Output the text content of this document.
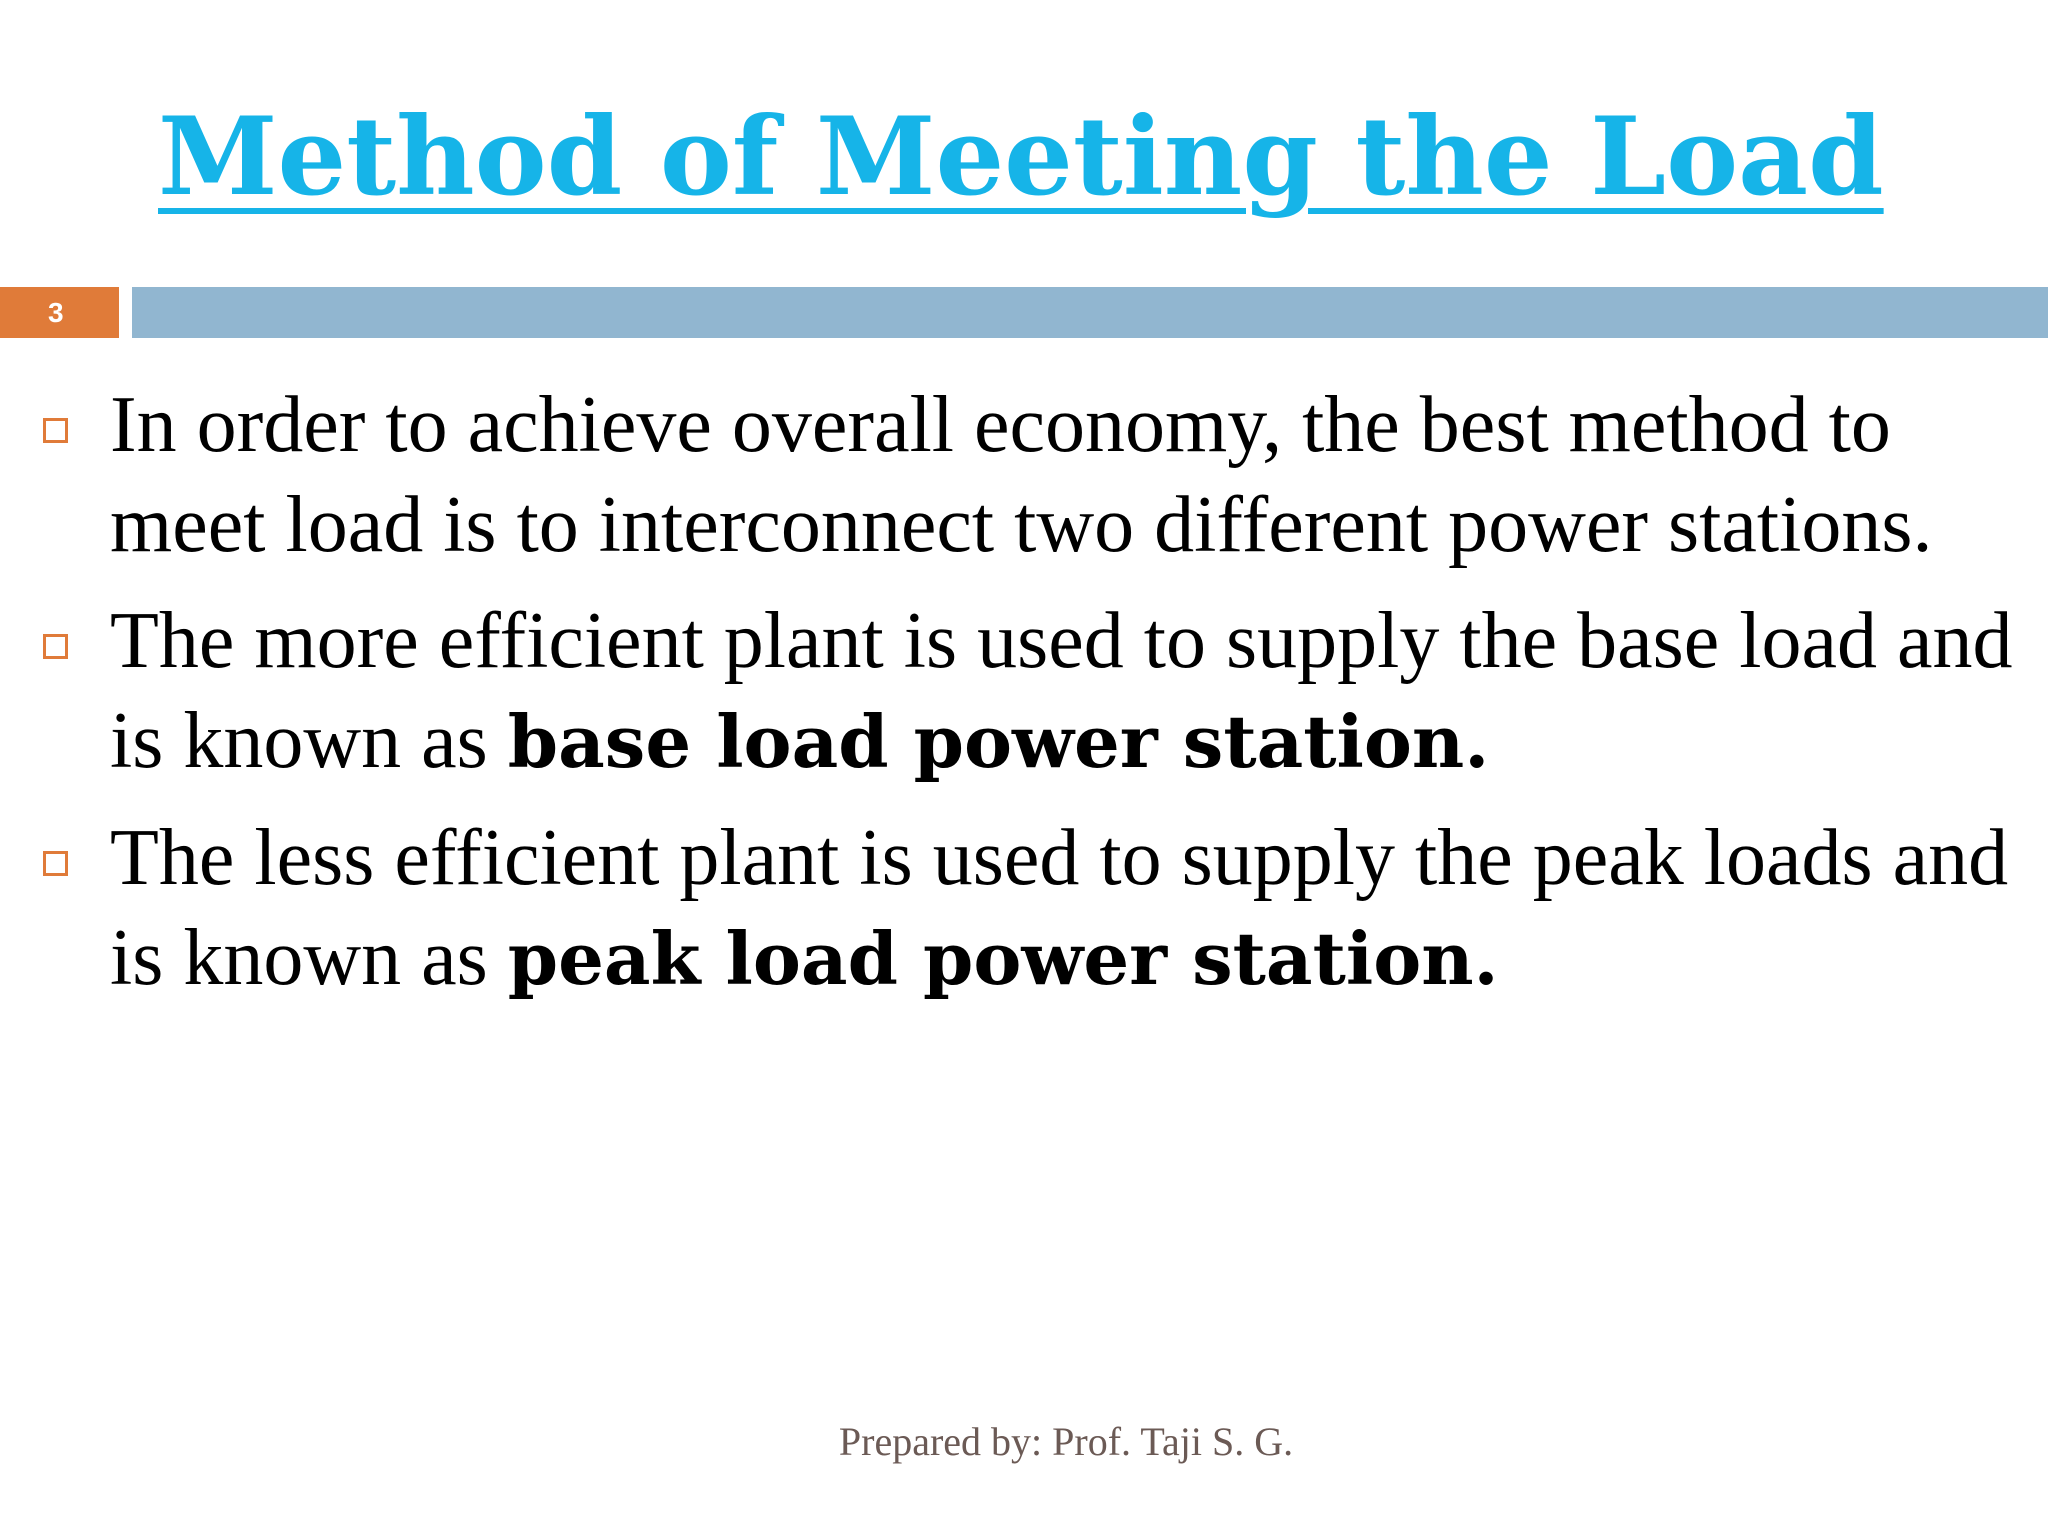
Method of Meeting the Load
3
In order to achieve overall economy, the best method to meet load is to interconnect two different power stations.
The more efficient plant is used to supply the base load and is known as base load power station.
The less efficient plant is used to supply the peak loads and is known as peak load power station.
Prepared by: Prof. Taji S. G.
